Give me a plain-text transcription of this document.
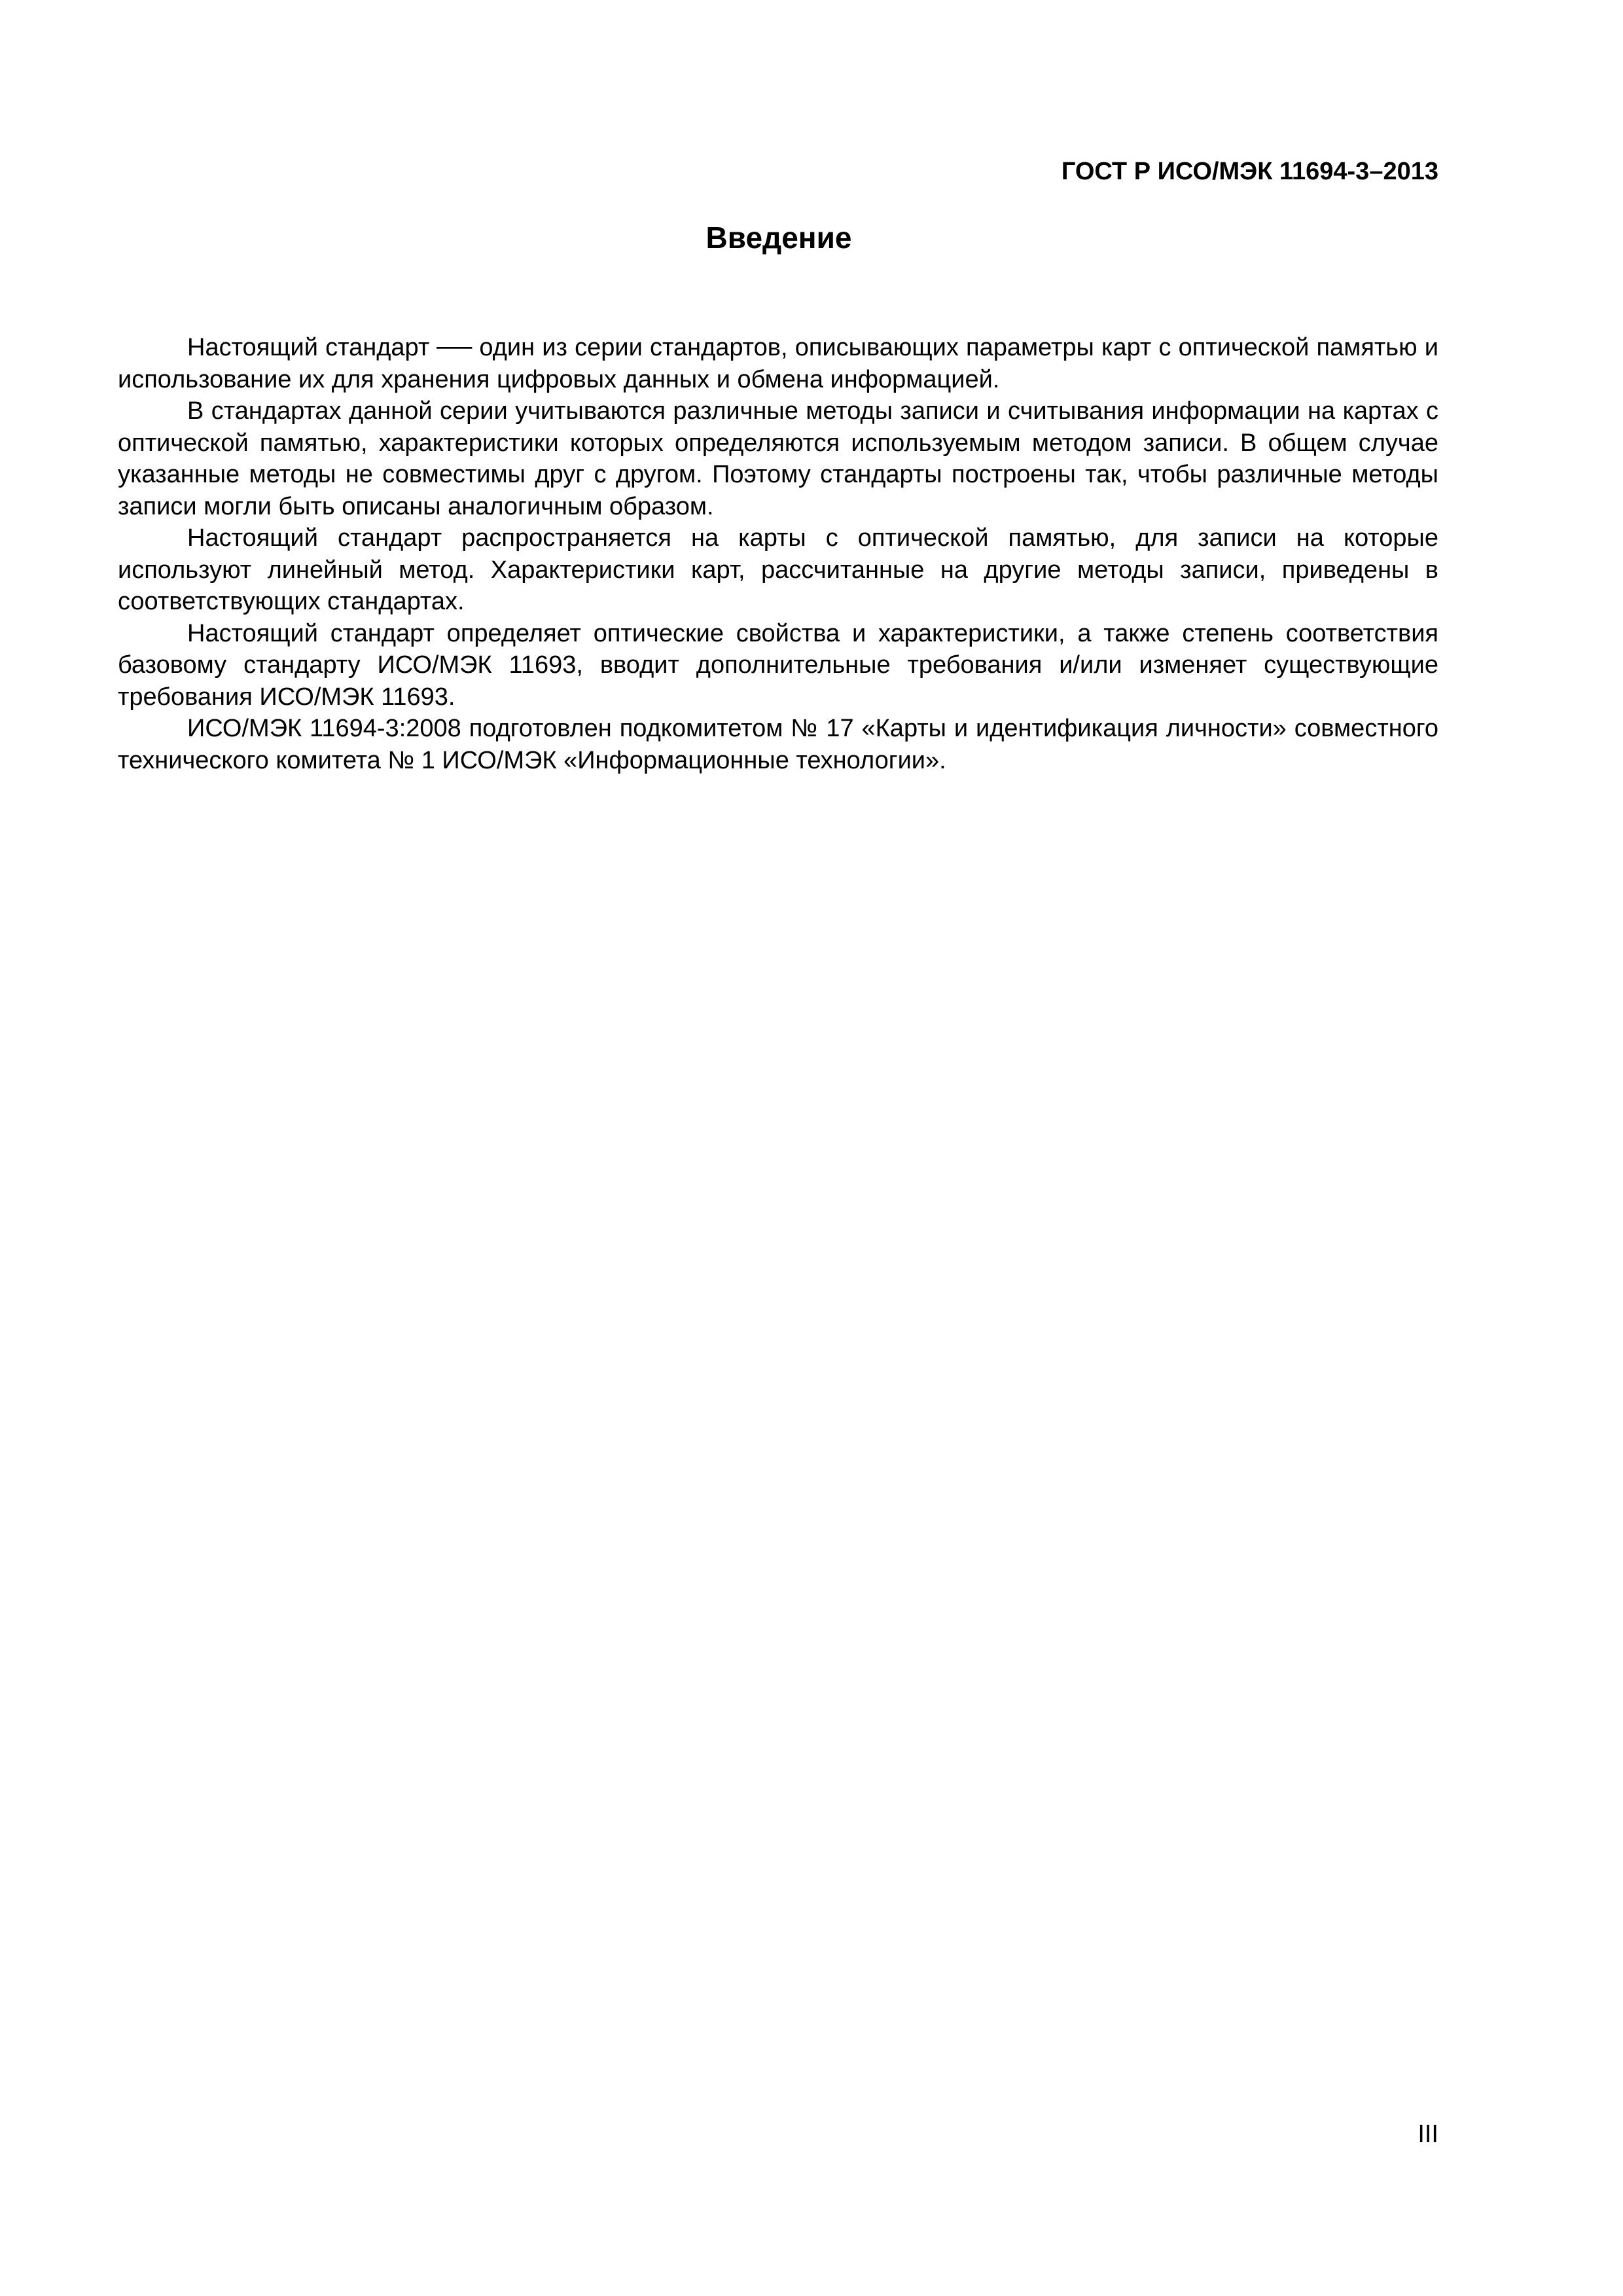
ГОСТ Р ИСО/МЭК 11694-3–2013
Введение

Настоящий стандарт ── один из серии стандартов, описывающих параметры карт с оптической памятью и использование их для хранения цифровых данных и обмена информацией.

В стандартах данной серии учитываются различные методы записи и считывания информации на картах с оптической памятью, характеристики которых определяются используемым методом записи. В общем случае указанные методы не совместимы друг с другом. Поэтому стандарты построены так, чтобы различные методы записи могли быть описаны аналогичным образом.

Настоящий стандарт распространяется на карты с оптической памятью, для записи на которые используют линейный метод. Характеристики карт, рассчитанные на другие методы записи, приведены в соответствующих стандартах.

Настоящий стандарт определяет оптические свойства и характеристики, а также степень соответствия базовому стандарту ИСО/МЭК 11693, вводит дополнительные требования и/или изменяет существующие требования ИСО/МЭК 11693.

ИСО/МЭК 11694-3:2008 подготовлен подкомитетом № 17 «Карты и идентификация личности» совместного технического комитета № 1 ИСО/МЭК «Информационные технологии».

III
